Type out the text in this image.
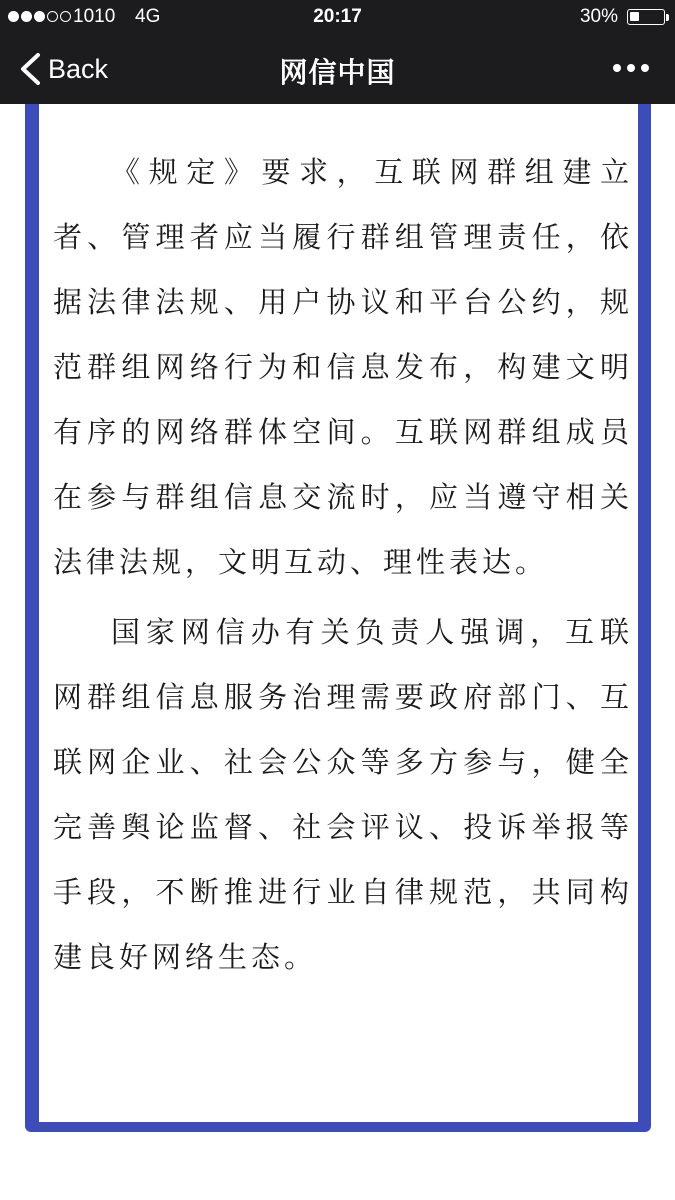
1010 4G	20:17	30%
Back	网信中国

《规定》要求，互联网群组建立者、管理者应当履行群组管理责任，依据法律法规、用户协议和平台公约，规范群组网络行为和信息发布，构建文明有序的网络群体空间。互联网群组成员在参与群组信息交流时，应当遵守相关法律法规，文明互动、理性表达。

国家网信办有关负责人强调，互联网群组信息服务治理需要政府部门、互联网企业、社会公众等多方参与，健全完善舆论监督、社会评议、投诉举报等手段，不断推进行业自律规范，共同构建良好网络生态。
